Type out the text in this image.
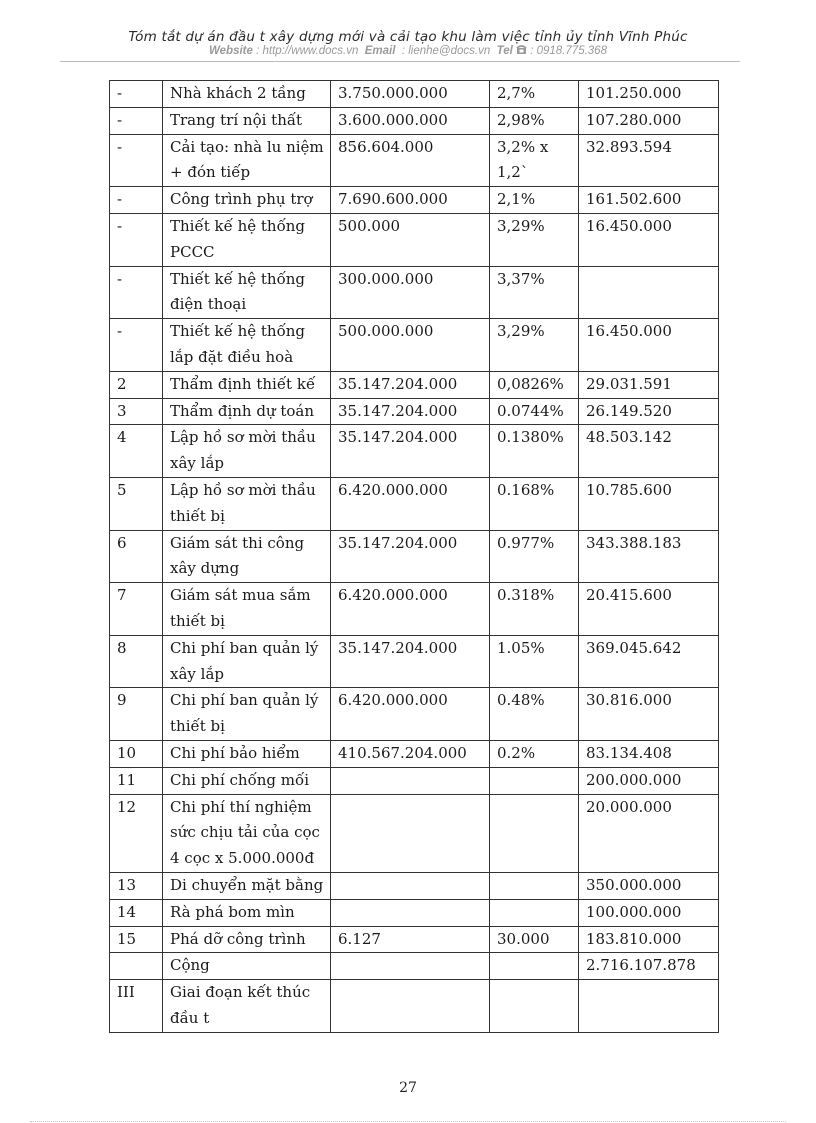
Tóm tắt dự án đầu t xây dựng mới và cải tạo khu làm việc tỉnh ủy tỉnh Vĩnh Phúc
Website : http://www.docs.vn Email : lienhe@docs.vn Tel : 0918.775.368
-	Nhà khách 2 tầng	3.750.000.000	2,7%	101.250.000
-	Trang trí nội thất	3.600.000.000	2,98%	107.280.000
-	Cải tạo: nhà lu niệm + đón tiếp	856.604.000	3,2% x 1,2`	32.893.594
-	Công trình phụ trợ	7.690.600.000	2,1%	161.502.600
-	Thiết kế hệ thống PCCC	500.000	3,29%	16.450.000
-	Thiết kế hệ thống điện thoại	300.000.000	3,37%	
-	Thiết kế hệ thống lắp đặt điều hoà	500.000.000	3,29%	16.450.000
2	Thẩm định thiết kế	35.147.204.000	0,0826%	29.031.591
3	Thẩm định dự toán	35.147.204.000	0.0744%	26.149.520
4	Lập hồ sơ mời thầu xây lắp	35.147.204.000	0.1380%	48.503.142
5	Lập hồ sơ mời thầu thiết bị	6.420.000.000	0.168%	10.785.600
6	Giám sát thi công xây dựng	35.147.204.000	0.977%	343.388.183
7	Giám sát mua sắm thiết bị	6.420.000.000	0.318%	20.415.600
8	Chi phí ban quản lý xây lắp	35.147.204.000	1.05%	369.045.642
9	Chi phí ban quản lý thiết bị	6.420.000.000	0.48%	30.816.000
10	Chi phí bảo hiểm	410.567.204.000	0.2%	83.134.408
11	Chi phí chống mối			200.000.000
12	Chi phí thí nghiệm sức chịu tải của cọc 4 cọc x 5.000.000đ			20.000.000
13	Di chuyển mặt bằng			350.000.000
14	Rà phá bom mìn			100.000.000
15	Phá dỡ công trình	6.127	30.000	183.810.000
	Cộng			2.716.107.878
III	Giai đoạn kết thúc đầu t			
27
